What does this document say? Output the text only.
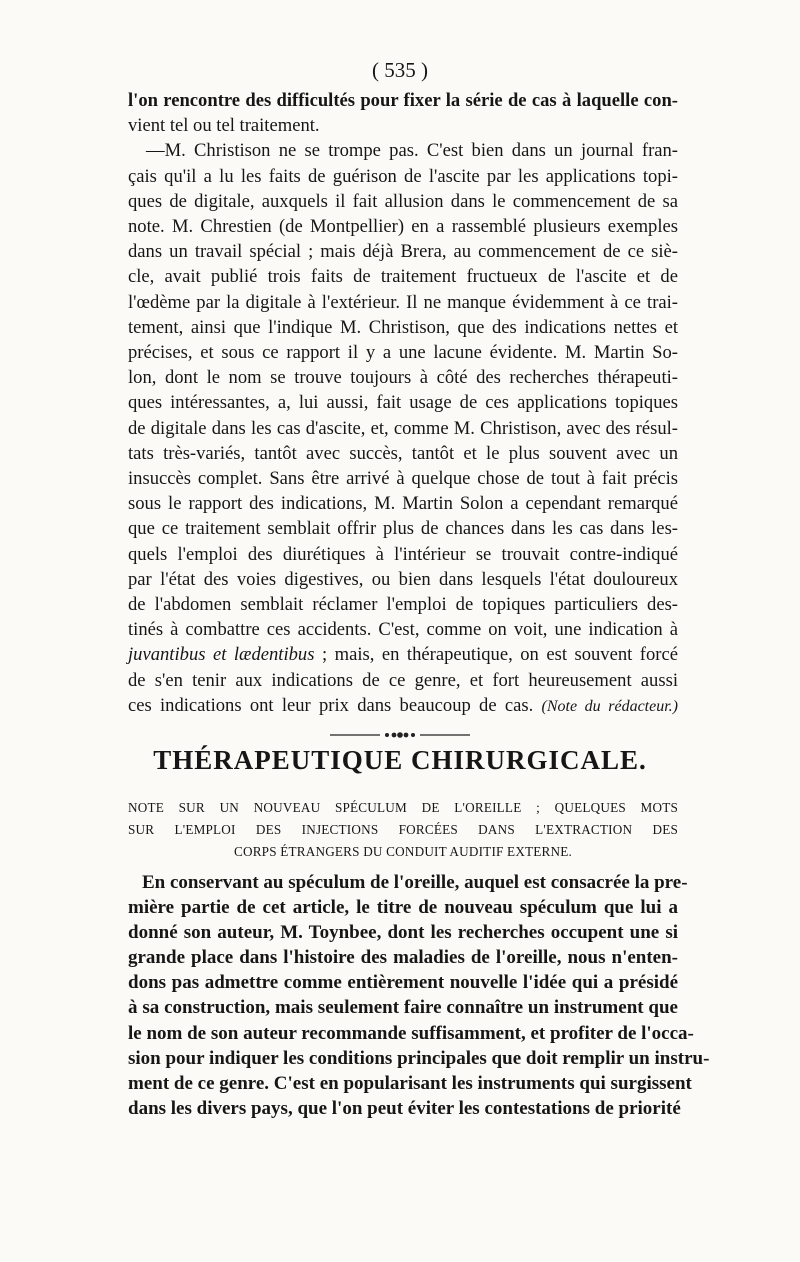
( 535 )
l'on rencontre des difficultés pour fixer la série de cas à laquelle con-
vient tel ou tel traitement.
—M. Christison ne se trompe pas. C'est bien dans un journal fran-
çais qu'il a lu les faits de guérison de l'ascite par les applications topi-
ques de digitale, auxquels il fait allusion dans le commencement de sa
note. M. Chrestien (de Montpellier) en a rassemblé plusieurs exemples
dans un travail spécial ; mais déjà Brera, au commencement de ce siè-
cle, avait publié trois faits de traitement fructueux de l'ascite et de
l'œdème par la digitale à l'extérieur. Il ne manque évidemment à ce trai-
tement, ainsi que l'indique M. Christison, que des indications nettes et
précises, et sous ce rapport il y a une lacune évidente. M. Martin So-
lon, dont le nom se trouve toujours à côté des recherches thérapeuti-
ques intéressantes, a, lui aussi, fait usage de ces applications topiques
de digitale dans les cas d'ascite, et, comme M. Christison, avec des résul-
tats très-variés, tantôt avec succès, tantôt et le plus souvent avec un
insuccès complet. Sans être arrivé à quelque chose de tout à fait précis
sous le rapport des indications, M. Martin Solon a cependant remarqué
que ce traitement semblait offrir plus de chances dans les cas dans les-
quels l'emploi des diurétiques à l'intérieur se trouvait contre-indiqué
par l'état des voies digestives, ou bien dans lesquels l'état douloureux
de l'abdomen semblait réclamer l'emploi de topiques particuliers des-
tinés à combattre ces accidents. C'est, comme on voit, une indication à
juvantibus et lædentibus ; mais, en thérapeutique, on est souvent forcé
de s'en tenir aux indications de ce genre, et fort heureusement aussi
ces indications ont leur prix dans beaucoup de cas. (Note du rédacteur.)
THÉRAPEUTIQUE CHIRURGICALE.
NOTE SUR UN NOUVEAU SPÉCULUM DE L'OREILLE ; QUELQUES MOTS
SUR L'EMPLOI DES INJECTIONS FORCÉES DANS L'EXTRACTION DES
CORPS ÉTRANGERS DU CONDUIT AUDITIF EXTERNE.
En conservant au spéculum de l'oreille, auquel est consacrée la pre-
mière partie de cet article, le titre de nouveau spéculum que lui a
donné son auteur, M. Toynbee, dont les recherches occupent une si
grande place dans l'histoire des maladies de l'oreille, nous n'enten-
dons pas admettre comme entièrement nouvelle l'idée qui a présidé
à sa construction, mais seulement faire connaître un instrument que
le nom de son auteur recommande suffisamment, et profiter de l'occa-
sion pour indiquer les conditions principales que doit remplir un instru-
ment de ce genre. C'est en popularisant les instruments qui surgissent
dans les divers pays, que l'on peut éviter les contestations de priorité
